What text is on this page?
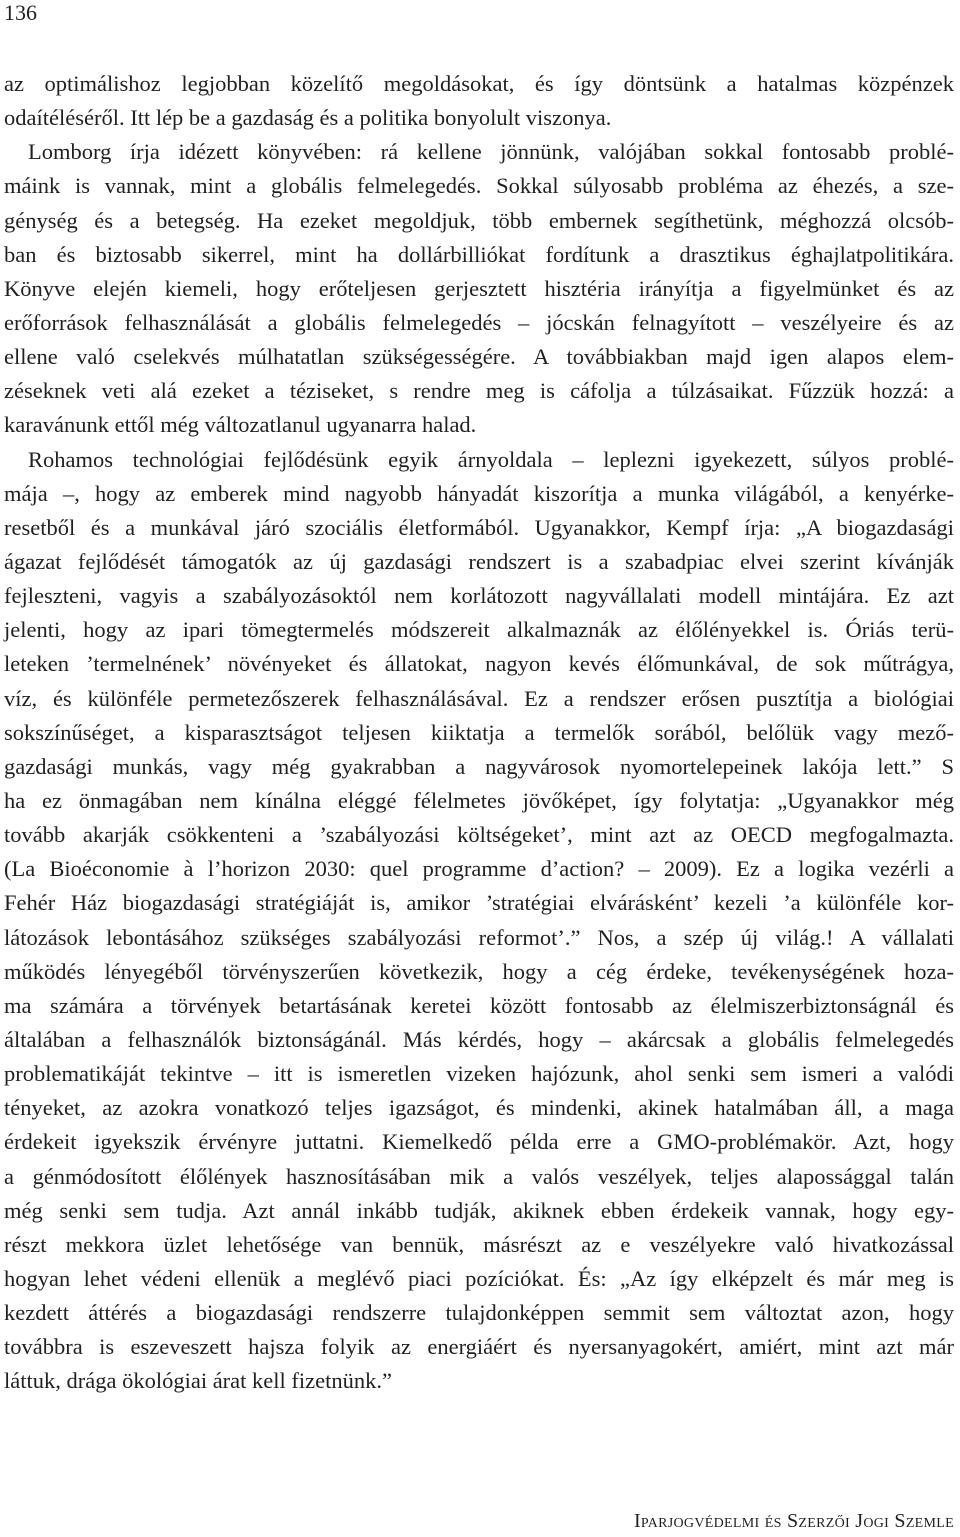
136
az optimálishoz legjobban közelítő megoldásokat, és így döntsünk a hatalmas közpénzek
odaítéléséről. Itt lép be a gazdaság és a politika bonyolult viszonya.
Lomborg írja idézett könyvében: rá kellene jönnünk, valójában sokkal fontosabb problé-
máink is vannak, mint a globális felmelegedés. Sokkal súlyosabb probléma az éhezés, a sze-
génység és a betegség. Ha ezeket megoldjuk, több embernek segíthetünk, méghozzá olcsób-
ban és biztosabb sikerrel, mint ha dollárbilliókat fordítunk a drasztikus éghajlatpolitikára.
Könyve elején kiemeli, hogy erőteljesen gerjesztett hisztéria irányítja a figyelmünket és az
erőforrások felhasználását a globális felmelegedés – jócskán felnagyított – veszélyeire és az
ellene való cselekvés múlhatatlan szükségességére. A továbbiakban majd igen alapos elem-
zéseknek veti alá ezeket a téziseket, s rendre meg is cáfolja a túlzásaikat. Fűzzük hozzá: a
karavánunk ettől még változatlanul ugyanarra halad.
Rohamos technológiai fejlődésünk egyik árnyoldala – leplezni igyekezett, súlyos problé-
mája –, hogy az emberek mind nagyobb hányadát kiszorítja a munka világából, a kenyérke-
resetből és a munkával járó szociális életformából. Ugyanakkor, Kempf írja: „A biogazdasági
ágazat fejlődését támogatók az új gazdasági rendszert is a szabadpiac elvei szerint kívánják
fejleszteni, vagyis a szabályozásoktól nem korlátozott nagyvállalati modell mintájára. Ez azt
jelenti, hogy az ipari tömegtermelés módszereit alkalmaznák az élőlényekkel is. Óriás terü-
leteken ’termelnének’ növényeket és állatokat, nagyon kevés élőmunkával, de sok műtrágya,
víz, és különféle permetezőszerek felhasználásával. Ez a rendszer erősen pusztítja a biológiai
sokszínűséget, a kisparasztságot teljesen kiiktatja a termelők sorából, belőlük vagy mező-
gazdasági munkás, vagy még gyakrabban a nagyvárosok nyomortelepeinek lakója lett.” S
ha ez önmagában nem kínálna eléggé félelmetes jövőképet, így folytatja: „Ugyanakkor még
tovább akarják csökkenteni a ’szabályozási költségeket’, mint azt az OECD megfogalmazta.
(La Bioéconomie à l’horizon 2030: quel programme d’action? – 2009). Ez a logika vezérli a
Fehér Ház biogazdasági stratégiáját is, amikor ’stratégiai elvárásként’ kezeli ’a különféle kor-
látozások lebontásához szükséges szabályozási reformot’.” Nos, a szép új világ.! A vállalati
működés lényegéből törvényszerűen következik, hogy a cég érdeke, tevékenységének hoza-
ma számára a törvények betartásának keretei között fontosabb az élelmiszerbiztonságnál és
általában a felhasználók biztonságánál. Más kérdés, hogy – akárcsak a globális felmelegedés
problematikáját tekintve – itt is ismeretlen vizeken hajózunk, ahol senki sem ismeri a valódi
tényeket, az azokra vonatkozó teljes igazságot, és mindenki, akinek hatalmában áll, a maga
érdekeit igyekszik érvényre juttatni. Kiemelkedő példa erre a GMO-problémakör. Azt, hogy
a génmódosított élőlények hasznosításában mik a valós veszélyek, teljes alapossággal talán
még senki sem tudja. Azt annál inkább tudják, akiknek ebben érdekeik vannak, hogy egy-
részt mekkora üzlet lehetősége van bennük, másrészt az e veszélyekre való hivatkozással
hogyan lehet védeni ellenük a meglévő piaci pozíciókat. És: „Az így elképzelt és már meg is
kezdett áttérés a biogazdasági rendszerre tulajdonképpen semmit sem változtat azon, hogy
továbbra is eszeveszett hajsza folyik az energiáért és nyersanyagokért, amiért, mint azt már
láttuk, drága ökológiai árat kell fizetnünk.”
Iparjogvédelmi és Szerzői Jogi Szemle
